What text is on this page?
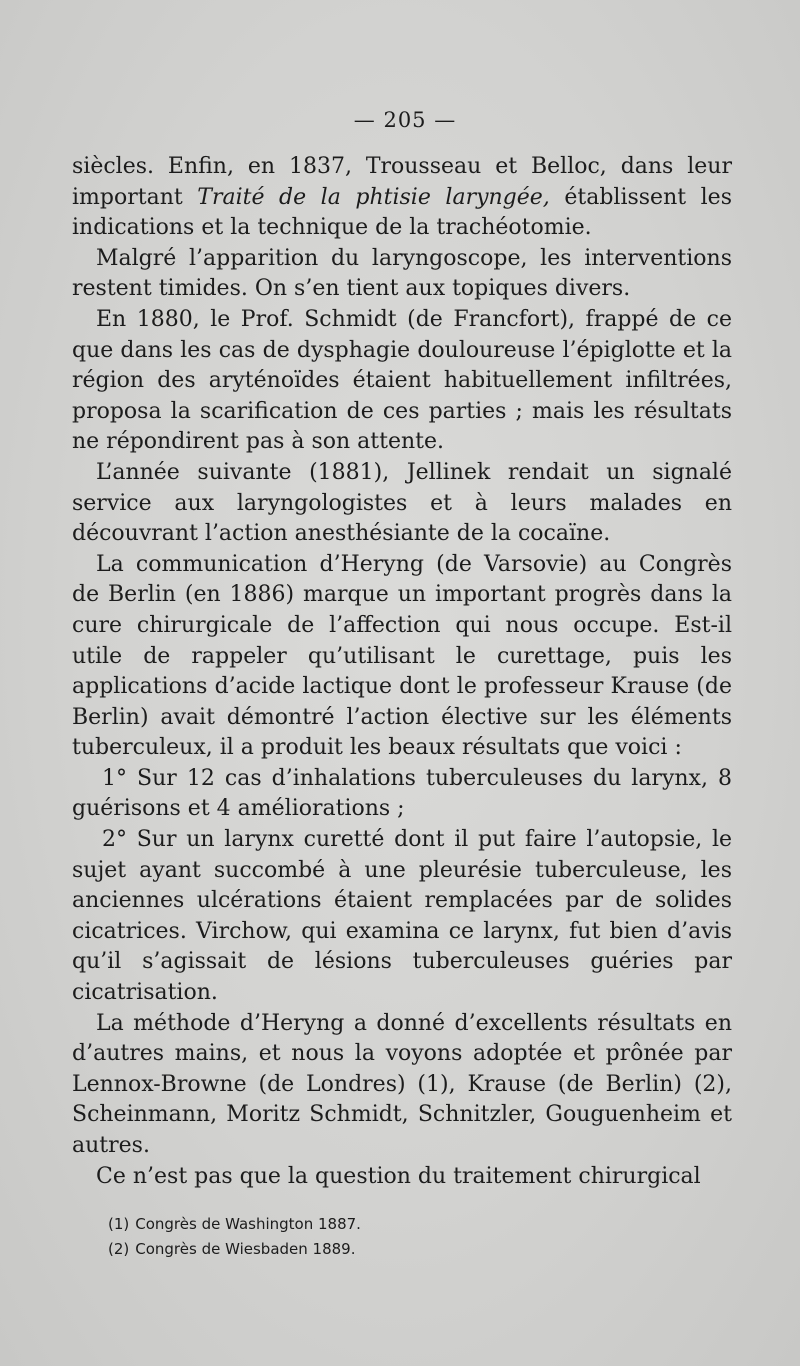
— 205 —

siècles. Enfin, en 1837, Trousseau et Belloc, dans leur important Traité de la phtisie laryngée, établissent les indications et la technique de la trachéotomie.

Malgré l’apparition du laryngoscope, les interventions restent timides. On s’en tient aux topiques divers.

En 1880, le Prof. Schmidt (de Francfort), frappé de ce que dans les cas de dysphagie douloureuse l’épiglotte et la région des aryténoïdes étaient habituellement infiltrées, proposa la scarification de ces parties ; mais les résultats ne répondirent pas à son attente.

L’année suivante (1881), Jellinek rendait un signalé service aux laryngologistes et à leurs malades en découvrant l’action anesthésiante de la cocaïne.

La communication d’Heryng (de Varsovie) au Congrès de Berlin (en 1886) marque un important progrès dans la cure chirurgicale de l’affection qui nous occupe. Est-il utile de rappeler qu’utilisant le curettage, puis les applications d’acide lactique dont le professeur Krause (de Berlin) avait démontré l’action élective sur les éléments tuberculeux, il a produit les beaux résultats que voici :

1° Sur 12 cas d’inhalations tuberculeuses du larynx, 8 guérisons et 4 améliorations ;

2° Sur un larynx curetté dont il put faire l’autopsie, le sujet ayant succombé à une pleurésie tuberculeuse, les anciennes ulcérations étaient remplacées par de solides cicatrices. Virchow, qui examina ce larynx, fut bien d’avis qu’il s’agissait de lésions tuberculeuses guéries par cicatrisation.

La méthode d’Heryng a donné d’excellents résultats en d’autres mains, et nous la voyons adoptée et prônée par Lennox-Browne (de Londres) (1), Krause (de Berlin) (2), Scheinmann, Moritz Schmidt, Schnitzler, Gouguenheim et autres.

Ce n’est pas que la question du traitement chirurgical

(1) Congrès de Washington 1887.

(2) Congrès de Wiesbaden 1889.
